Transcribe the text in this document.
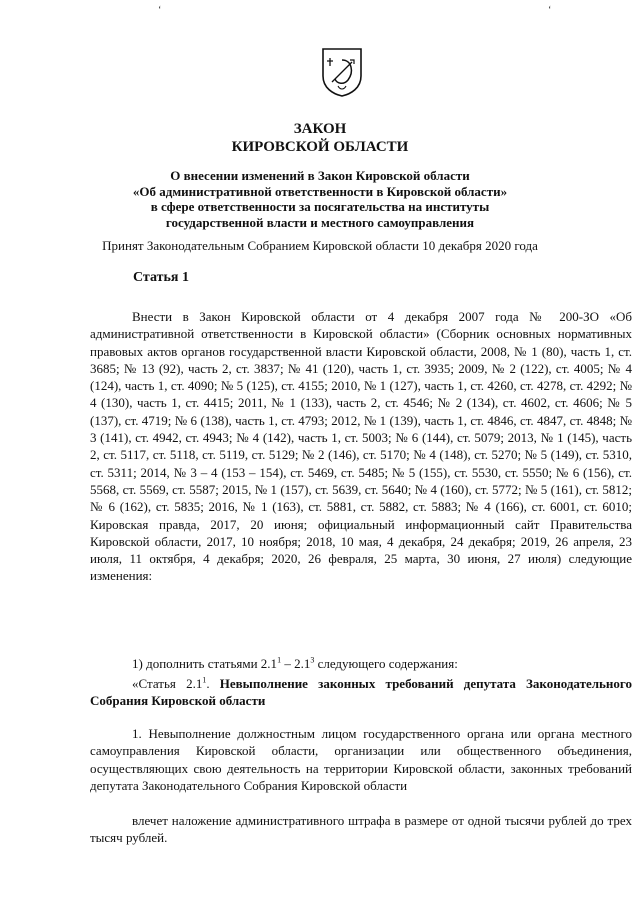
‘	‘
ЗАКОН
КИРОВСКОЙ ОБЛАСТИ
О внесении изменений в Закон Кировской области
«Об административной ответственности в Кировской области»
в сфере ответственности за посягательства на институты
государственной власти и местного самоуправления
Принят Законодательным Собранием Кировской области 10 декабря 2020 года
Статья 1
Внести в Закон Кировской области от 4 декабря 2007 года № 200-ЗО «Об административной ответственности в Кировской области» (Сборник основных нормативных правовых актов органов государственной власти Кировской области, 2008, № 1 (80), часть 1, ст. 3685; № 13 (92), часть 2, ст. 3837; № 41 (120), часть 1, ст. 3935; 2009, № 2 (122), ст. 4005; № 4 (124), часть 1, ст. 4090; № 5 (125), ст. 4155; 2010, № 1 (127), часть 1, ст. 4260, ст. 4278, ст. 4292; № 4 (130), часть 1, ст. 4415; 2011, № 1 (133), часть 2, ст. 4546; № 2 (134), ст. 4602, ст. 4606; № 5 (137), ст. 4719; № 6 (138), часть 1, ст. 4793; 2012, № 1 (139), часть 1, ст. 4846, ст. 4847, ст. 4848; № 3 (141), ст. 4942, ст. 4943; № 4 (142), часть 1, ст. 5003; № 6 (144), ст. 5079; 2013, № 1 (145), часть 2, ст. 5117, ст. 5118, ст. 5119, ст. 5129; № 2 (146), ст. 5170; № 4 (148), ст. 5270; № 5 (149), ст. 5310, ст. 5311; 2014, № 3 – 4 (153 – 154), ст. 5469, ст. 5485; № 5 (155), ст. 5530, ст. 5550; № 6 (156), ст. 5568, ст. 5569, ст. 5587; 2015, № 1 (157), ст. 5639, ст. 5640; № 4 (160), ст. 5772; № 5 (161), ст. 5812; № 6 (162), ст. 5835; 2016, № 1 (163), ст. 5881, ст. 5882, ст. 5883; № 4 (166), ст. 6001, ст. 6010; Кировская правда, 2017, 20 июня; официальный информационный сайт Правительства Кировской области, 2017, 10 ноября; 2018, 10 мая, 4 декабря, 24 декабря; 2019, 26 апреля, 23 июля, 11 октября, 4 декабря; 2020, 26 февраля, 25 марта, 30 июня, 27 июля) следующие изменения:
1) дополнить статьями $2.1^1 - 2.1^3$ следующего содержания:
«Статья $2.1^1$. Невыполнение законных требований депутата Законодательного Собрания Кировской области
1. Невыполнение должностным лицом государственного органа или органа местного самоуправления Кировской области, организации или общественного объединения, осуществляющих свою деятельность на территории Кировской области, законных требований депутата Законодательного Собрания Кировской области
влечет наложение административного штрафа в размере от одной тысячи рублей до трех тысяч рублей.
